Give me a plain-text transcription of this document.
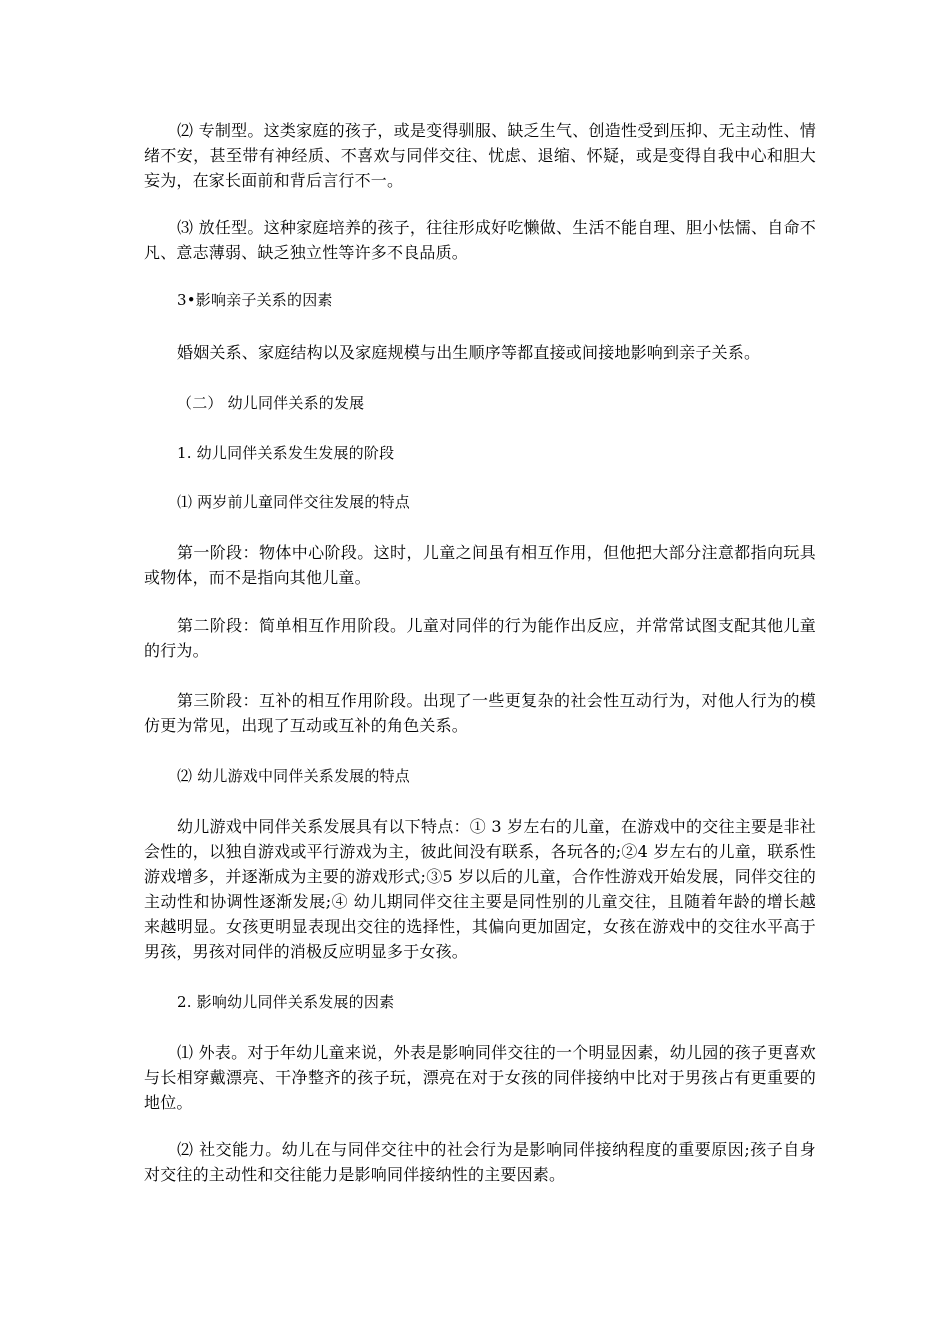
⑵ 专制型。这类家庭的孩子，或是变得驯服、缺乏生气、创造性受到压抑、无主动性、情绪不安，甚至带有神经质、不喜欢与同伴交往、忧虑、退缩、怀疑，或是变得自我中心和胆大妄为，在家长面前和背后言行不一。

⑶ 放任型。这种家庭培养的孩子，往往形成好吃懒做、生活不能自理、胆小怯懦、自命不凡、意志薄弱、缺乏独立性等许多不良品质。

3•影响亲子关系的因素

婚姻关系、家庭结构以及家庭规模与出生顺序等都直接或间接地影响到亲子关系。

（二） 幼儿同伴关系的发展

1. 幼儿同伴关系发生发展的阶段

⑴ 两岁前儿童同伴交往发展的特点

第一阶段：物体中心阶段。这时，儿童之间虽有相互作用，但他把大部分注意都指向玩具或物体，而不是指向其他儿童。

第二阶段：简单相互作用阶段。儿童对同伴的行为能作出反应，并常常试图支配其他儿童的行为。

第三阶段：互补的相互作用阶段。出现了一些更复杂的社会性互动行为，对他人行为的模仿更为常见，出现了互动或互补的角色关系。

⑵ 幼儿游戏中同伴关系发展的特点

幼儿游戏中同伴关系发展具有以下特点：① 3 岁左右的儿童，在游戏中的交往主要是非社会性的，以独自游戏或平行游戏为主，彼此间没有联系，各玩各的;②4 岁左右的儿童，联系性游戏增多，并逐渐成为主要的游戏形式;③5 岁以后的儿童，合作性游戏开始发展，同伴交往的主动性和协调性逐渐发展;④ 幼儿期同伴交往主要是同性别的儿童交往，且随着年龄的增长越来越明显。女孩更明显表现出交往的选择性，其偏向更加固定，女孩在游戏中的交往水平高于男孩，男孩对同伴的消极反应明显多于女孩。

2. 影响幼儿同伴关系发展的因素

⑴ 外表。对于年幼儿童来说，外表是影响同伴交往的一个明显因素，幼儿园的孩子更喜欢与长相穿戴漂亮、干净整齐的孩子玩，漂亮在对于女孩的同伴接纳中比对于男孩占有更重要的地位。

⑵ 社交能力。幼儿在与同伴交往中的社会行为是影响同伴接纳程度的重要原因;孩子自身对交往的主动性和交往能力是影响同伴接纳性的主要因素。
